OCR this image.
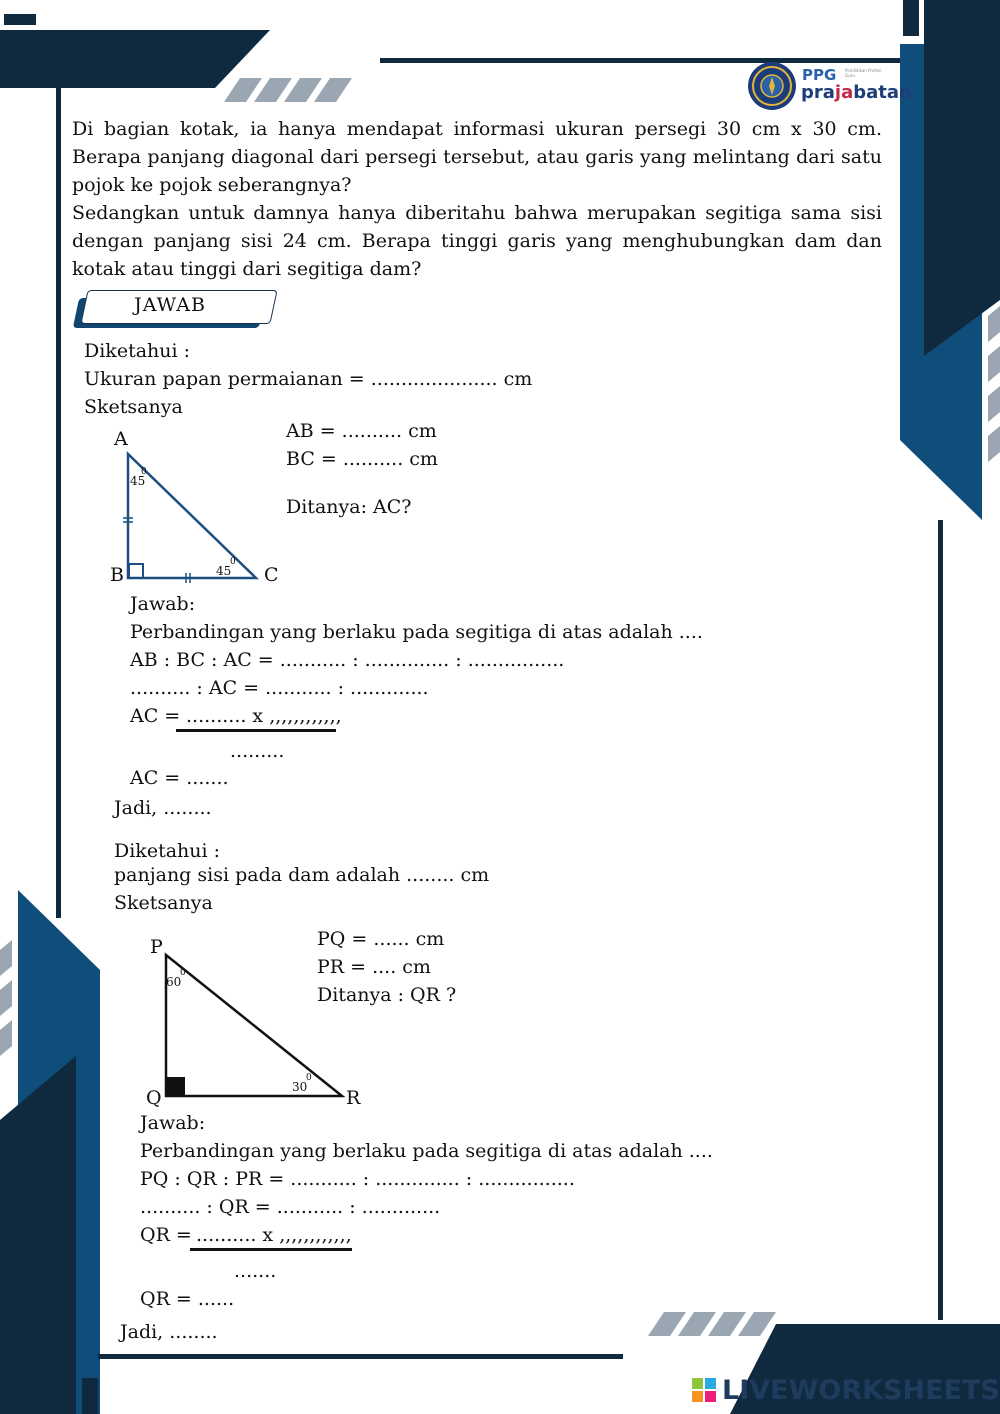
PPG Pendidikan Profesi Guru
prajabatan
Di bagian kotak, ia hanya mendapat informasi ukuran persegi 30 cm x 30 cm. Berapa panjang diagonal dari persegi tersebut, atau garis yang melintang dari satu pojok ke pojok seberangnya?
Sedangkan untuk damnya hanya diberitahu bahwa merupakan segitiga sama sisi dengan panjang sisi 24 cm. Berapa tinggi garis yang menghubungkan dam dan kotak atau tinggi dari segitiga dam?
JAWAB
Diketahui :
Ukuran papan permaianan = ..................... cm
Sketsanya
A
B	C
45
0
45
0
AB = .......... cm
BC = .......... cm
Ditanya: AC?
Jawab:
Perbandingan yang berlaku pada segitiga di atas adalah ....
AB : BC : AC = ........... : .............. : ................
.......... : AC = ........... : .............
AC = .......... x ,,,,,,,,,,,,
.........
AC = .......
Jadi, ........
Diketahui :
panjang sisi pada dam adalah ........ cm
Sketsanya
P
Q	R
60
0
30
0
PQ = ...... cm
PR = .... cm
Ditanya : QR ?
Jawab:
Perbandingan yang berlaku pada segitiga di atas adalah ....
PQ : QR : PR = ........... : .............. : ................
.......... : QR = ........... : .............
QR = .......... x ,,,,,,,,,,,,
.......
QR = ......
Jadi, ........
LIVEWORKSHEETS
